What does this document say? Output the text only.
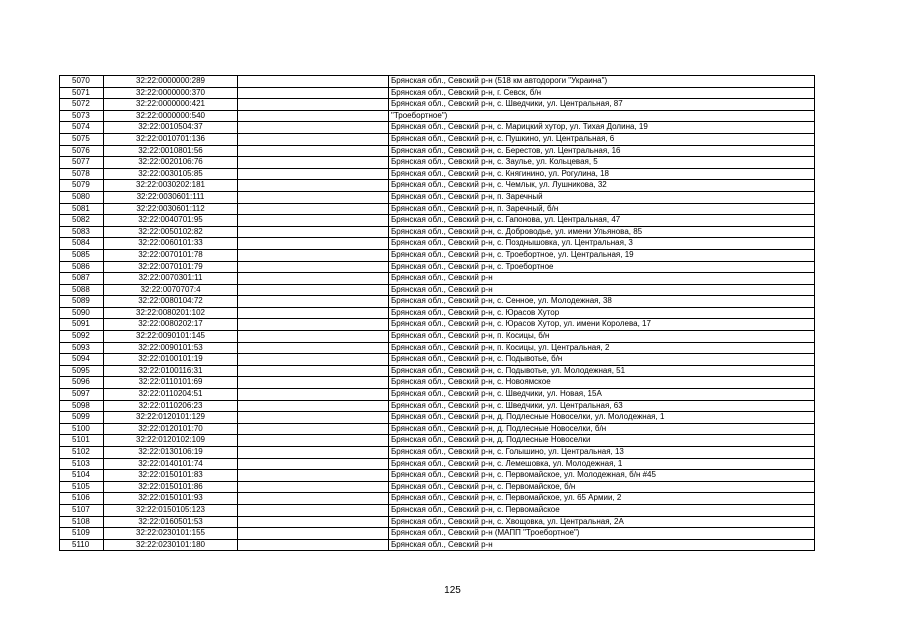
5070	32:22:0000000:289		Брянская обл., Севский р-н (518 км автодороги "Украина")
5071	32:22:0000000:370		Брянская обл., Севский р-н, г. Севск, б/н
5072	32:22:0000000:421		Брянская обл., Севский р-н, с. Шведчики, ул. Центральная, 87
5073	32:22:0000000:540		"Троебортное")
5074	32:22:0010504:37		Брянская обл., Севский р-н, с. Марицкий хутор, ул. Тихая Долина, 19
5075	32:22:0010701:136		Брянская обл., Севский р-н, с. Пушкино, ул. Центральная, 6
5076	32:22:0010801:56		Брянская обл., Севский р-н, с. Берестов, ул. Центральная, 16
5077	32:22:0020106:76		Брянская обл., Севский р-н, с. Заулье, ул. Кольцевая, 5
5078	32:22:0030105:85		Брянская обл., Севский р-н, с. Княгинино, ул. Рогулина, 18
5079	32:22:0030202:181		Брянская обл., Севский р-н, с. Чемлык, ул. Лушникова, 32
5080	32:22:0030601:111		Брянская обл., Севский р-н, п. Заречный
5081	32:22:0030601:112		Брянская обл., Севский р-н, п. Заречный, б/н
5082	32:22:0040701:95		Брянская обл., Севский р-н, с. Гапонова, ул. Центральная, 47
5083	32:22:0050102:82		Брянская обл., Севский р-н, с. Доброводье, ул. имени Ульянова, 85
5084	32:22:0060101:33		Брянская обл., Севский р-н, с. Позднышовка, ул. Центральная, 3
5085	32:22:0070101:78		Брянская обл., Севский р-н, с. Троебортное, ул. Центральная, 19
5086	32:22:0070101:79		Брянская обл., Севский р-н, с. Троебортное
5087	32:22:0070301:11		Брянская обл., Севский р-н
5088	32:22:0070707:4		Брянская обл., Севский р-н
5089	32:22:0080104:72		Брянская обл., Севский р-н, с. Сенное, ул. Молодежная, 38
5090	32:22:0080201:102		Брянская обл., Севский р-н, с. Юрасов Хутор
5091	32:22:0080202:17		Брянская обл., Севский р-н, с. Юрасов Хутор, ул. имени Королева, 17
5092	32:22:0090101:145		Брянская обл., Севский р-н, п. Косицы, б/н
5093	32:22:0090101:53		Брянская обл., Севский р-н, п. Косицы, ул. Центральная, 2
5094	32:22:0100101:19		Брянская обл., Севский р-н, с. Подывотье, б/н
5095	32:22:0100116:31		Брянская обл., Севский р-н, с. Подывотье, ул. Молодежная, 51
5096	32:22:0110101:69		Брянская обл., Севский р-н, с. Новоямское
5097	32:22:0110204:51		Брянская обл., Севский р-н, с. Шведчики, ул. Новая, 15А
5098	32:22:0110206:23		Брянская обл., Севский р-н, с. Шведчики, ул. Центральная, 63
5099	32:22:0120101:129		Брянская обл., Севский р-н, д. Подлесные Новоселки, ул. Молодежная, 1
5100	32:22:0120101:70		Брянская обл., Севский р-н, д. Подлесные Новоселки, б/н
5101	32:22:0120102:109		Брянская обл., Севский р-н, д. Подлесные Новоселки
5102	32:22:0130106:19		Брянская обл., Севский р-н, с. Голышино, ул. Центральная, 13
5103	32:22:0140101:74		Брянская обл., Севский р-н, с. Лемешовка, ул. Молодежная, 1
5104	32:22:0150101:83		Брянская обл., Севский р-н, с. Первомайское, ул. Молодежная, б/н #45
5105	32:22:0150101:86		Брянская обл., Севский р-н, с. Первомайское, б/н
5106	32:22:0150101:93		Брянская обл., Севский р-н, с. Первомайское, ул. 65 Армии, 2
5107	32:22:0150105:123		Брянская обл., Севский р-н, с. Первомайское
5108	32:22:0160501:53		Брянская обл., Севский р-н, с. Хвощовка, ул. Центральная, 2А
5109	32:22:0230101:155		Брянская обл., Севский р-н (МАПП "Троебортное")
5110	32:22:0230101:180		Брянская обл., Севский р-н
125
